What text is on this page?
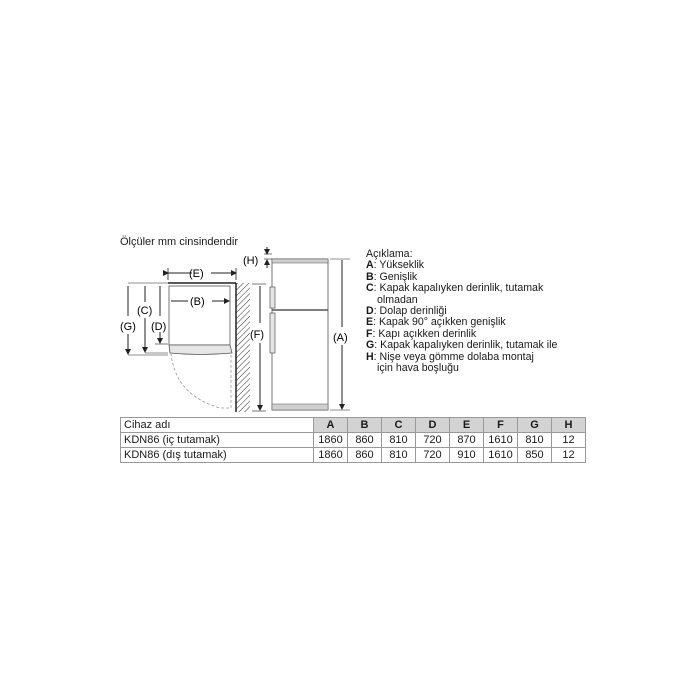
Ölçüler mm cinsindendir
(E)
(B)
(C)
(G) (D)
(F)	(A)
(H)
Açıklama:
A : Yükseklik
B : Genişlik
C : Kapak kapalıyken derinlik, tutamak
olmadan
D : Dolap derinliği
E : Kapak 90° açıkken genişlik
F : Kapı açıkken derinlik
G : Kapak kapalıyken derinlik, tutamak ile
H : Nişe veya gömme dolaba montaj
için hava boşluğu
Cihaz adı	A	B	C	D	E	F	G	H
KDN86 (iç tutamak)	1860	860	810	720	870	1610	810	12
KDN86 (dış tutamak)	1860	860	810	720	910	1610	850	12
